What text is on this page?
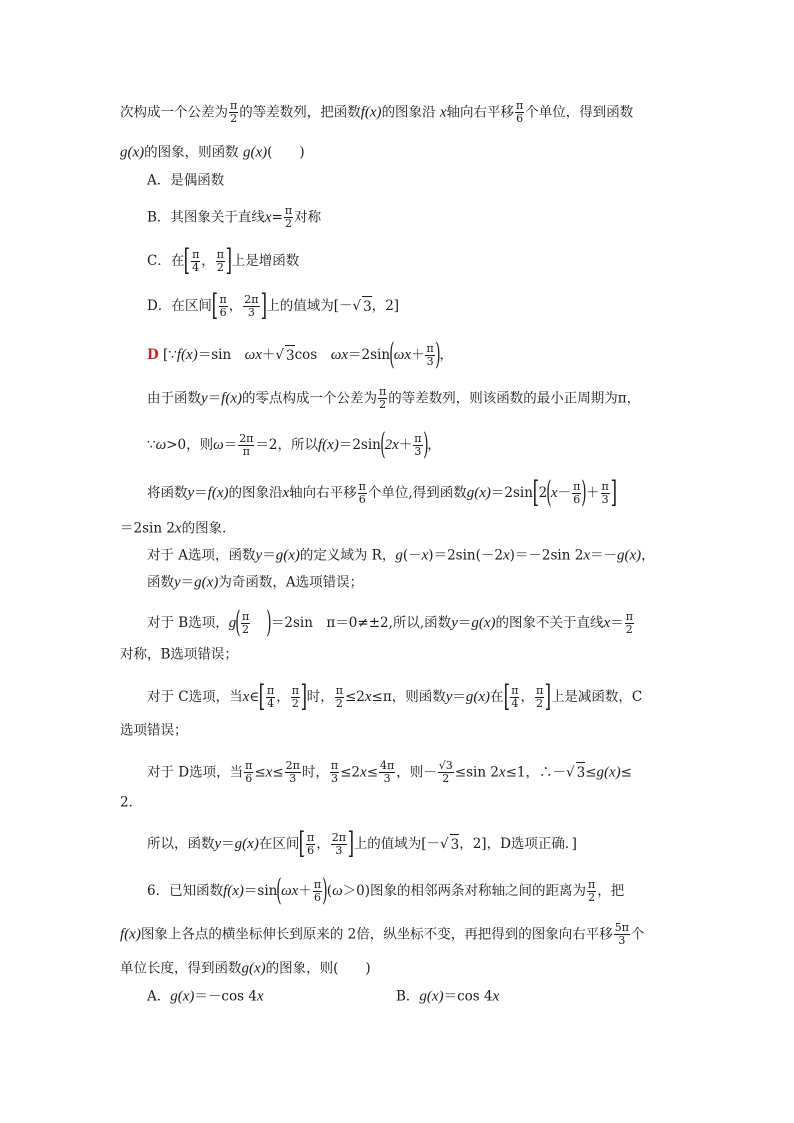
次构成一个公差为 $\frac{\pi}{2}$ 的等差数列，把函数f(x)的图象沿 x轴向右平移 $\frac{\pi}{6}$ 个单位，得到函数
g(x)的图象，则函数 g(x)(　　)
A．是偶函数
B．其图象关于直线$x= \frac{\pi}{2}$ 对称
C．在[ $\frac{\pi}{4}$ ， $\frac{\pi}{2}$ ]上是增函数
D．在区间[ $\frac{\pi}{6}$ ， $\frac{2\pi}{3}$ ]上的值域为[－√ 3，2]
D [∵f(x)＝sin　ωx＋√ 3cos　$\omega x=2\sin(\omega x+ \frac{\pi}{3}$ )，
由于函数y＝f(x)的零点构成一个公差为 $\frac{\pi}{2}$ 的等差数列，则该函数的最小正周期为π，
∵ω>0，则$\omega= \frac{2\pi}{\pi} =2$，所以$f(x)=2\sin(2x+ \frac{\pi}{3}$ )，
将函数y＝f(x)的图象沿x轴向右平移 $\frac{\pi}{6}$ 个单位,得到函数$g(x)=2\sin[2(x- \frac{\pi}{6}$ )＋ $\frac{\pi}{3}$ ]
＝2sin 2x的图象．
对于 A选项，函数y＝g(x)的定义域为 R，g(－x)＝2sin(－2x)＝－2sin 2x＝－g(x)，
函数y＝g(x)为奇函数，A选项错误；
对于 B选项，$g( \frac{\pi}{2} )=2\sin$　π＝0≠±2,所以,函数y＝g(x)的图象不关于直线$x= \frac{\pi}{2}$
对称，B选项错误；
对于 C选项，当x∈[ $\frac{\pi}{4}$ ， $\frac{\pi}{2}$ ]时， $\frac{\pi}{2} \le 2x\le\pi$，则函数y＝g(x)在[ $\frac{\pi}{4}$ ， $\frac{\pi}{2}$ ]上是减函数，C
选项错误；
对于 D选项，当 $\frac{\pi}{6} \le x\le \frac{2\pi}{3}$ 时， $\frac{\pi}{3} \le 2x\le \frac{4\pi}{3}$ ，则－ $\frac{√3}{2} \le\sin$ 2x≤1，∴－√ 3≤g(x)≤
2．
所以，函数y＝g(x)在区间[ $\frac{\pi}{6}$ ， $\frac{2\pi}{3}$ ]上的值域为[－√ 3，2]，D选项正确．]
6．已知函数$f(x)=\sin(\omega x+ \frac{\pi}{6} )(\omega>0)$图象的相邻两条对称轴之间的距离为 $\frac{\pi}{2}$ ，把
f(x)图象上各点的横坐标伸长到原来的 2倍，纵坐标不变，再把得到的图象向右平移 $\frac{5\pi}{3}$ 个
单位长度，得到函数g(x)的图象，则(　　)
A．g(x)＝－cos 4x	B．g(x)＝cos 4x
